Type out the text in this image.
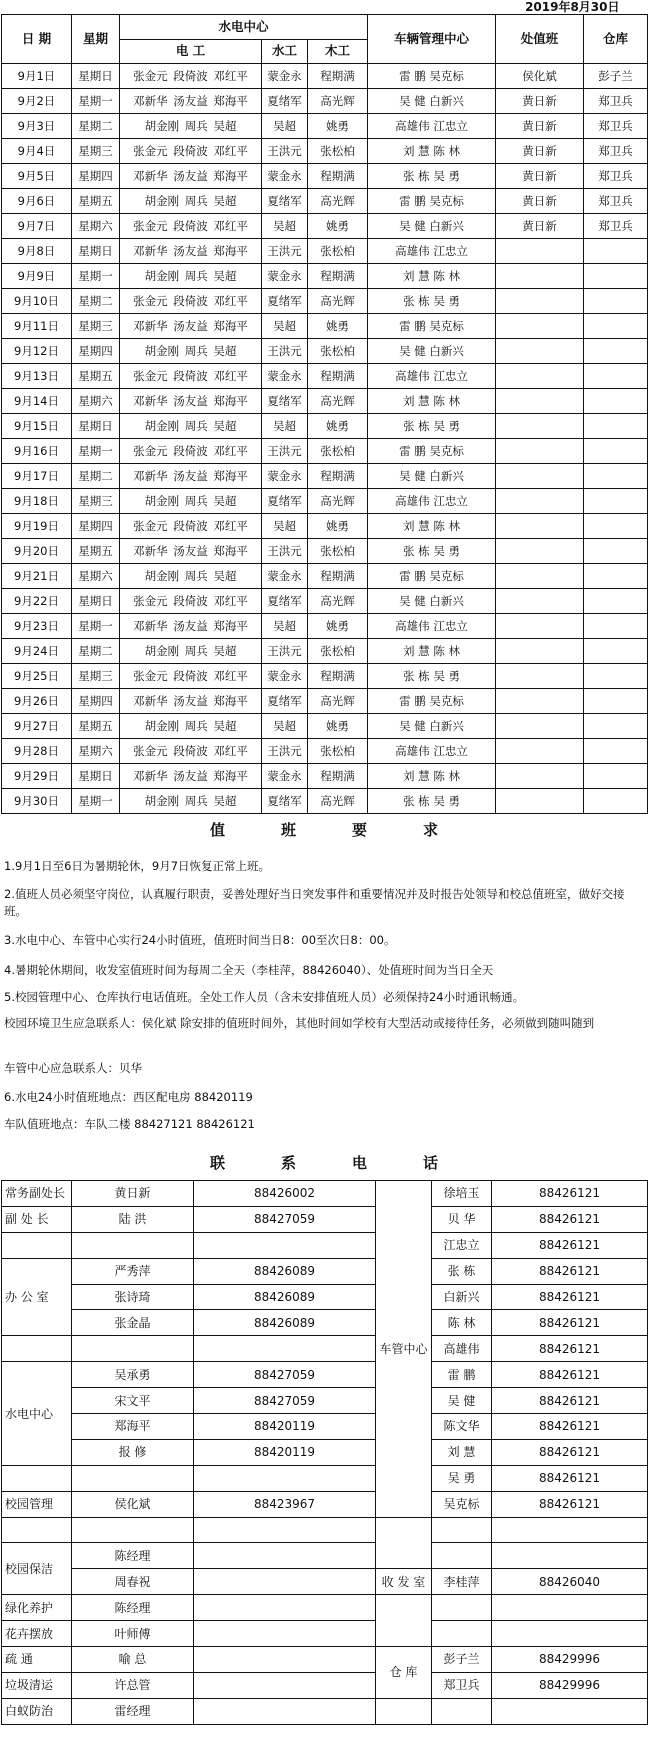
						2019年8月30日	
日 期	星期	水电中心			车辆管理中心	处值班	仓库
		电 工	水工	木工			
9月1日	星期日	张金元 段倚波 邓红平	蒙金永	程期满	雷 鹏 吴克标	侯化斌	彭子兰
9月2日	星期一	邓新华 汤友益 郑海平	夏绪军	高光辉	吴 健 白新兴	黄日新	郑卫兵
9月3日	星期二	胡金刚 周兵 吴超	吴超	姚勇	高雄伟 江忠立	黄日新	郑卫兵
9月4日	星期三	张金元 段倚波 邓红平	王洪元	张松柏	刘 慧 陈 林	黄日新	郑卫兵
9月5日	星期四	邓新华 汤友益 郑海平	蒙金永	程期满	张 栋 吴 勇	黄日新	郑卫兵
9月6日	星期五	胡金刚 周兵 吴超	夏绪军	高光辉	雷 鹏 吴克标	黄日新	郑卫兵
9月7日	星期六	张金元 段倚波 邓红平	吴超	姚勇	吴 健 白新兴	黄日新	郑卫兵
9月8日	星期日	邓新华 汤友益 郑海平	王洪元	张松柏	高雄伟 江忠立		
9月9日	星期一	胡金刚 周兵 吴超	蒙金永	程期满	刘 慧 陈 林		
9月10日	星期二	张金元 段倚波 邓红平	夏绪军	高光辉	张 栋 吴 勇		
9月11日	星期三	邓新华 汤友益 郑海平	吴超	姚勇	雷 鹏 吴克标		
9月12日	星期四	胡金刚 周兵 吴超	王洪元	张松柏	吴 健 白新兴		
9月13日	星期五	张金元 段倚波 邓红平	蒙金永	程期满	高雄伟 江忠立		
9月14日	星期六	邓新华 汤友益 郑海平	夏绪军	高光辉	刘 慧 陈 林		
9月15日	星期日	胡金刚 周兵 吴超	吴超	姚勇	张 栋 吴 勇		
9月16日	星期一	张金元 段倚波 邓红平	王洪元	张松柏	雷 鹏 吴克标		
9月17日	星期二	邓新华 汤友益 郑海平	蒙金永	程期满	吴 健 白新兴		
9月18日	星期三	胡金刚 周兵 吴超	夏绪军	高光辉	高雄伟 江忠立		
9月19日	星期四	张金元 段倚波 邓红平	吴超	姚勇	刘 慧 陈 林		
9月20日	星期五	邓新华 汤友益 郑海平	王洪元	张松柏	张 栋 吴 勇		
9月21日	星期六	胡金刚 周兵 吴超	蒙金永	程期满	雷 鹏 吴克标		
9月22日	星期日	张金元 段倚波 邓红平	夏绪军	高光辉	吴 健 白新兴		
9月23日	星期一	邓新华 汤友益 郑海平	吴超	姚勇	高雄伟 江忠立		
9月24日	星期二	胡金刚 周兵 吴超	王洪元	张松柏	刘 慧 陈 林		
9月25日	星期三	张金元 段倚波 邓红平	蒙金永	程期满	张 栋 吴 勇		
9月26日	星期四	邓新华 汤友益 郑海平	夏绪军	高光辉	雷 鹏 吴克标		
9月27日	星期五	胡金刚 周兵 吴超	吴超	姚勇	吴 健 白新兴		
9月28日	星期六	张金元 段倚波 邓红平	王洪元	张松柏	高雄伟 江忠立		
9月29日	星期日	邓新华 汤友益 郑海平	蒙金永	程期满	刘 慧 陈 林		
9月30日	星期一	胡金刚 周兵 吴超	夏绪军	高光辉	张 栋 吴 勇		
值班要求
1.9月1日至6日为暑期轮休，9月7日恢复正常上班。
2.值班人员必须坚守岗位，认真履行职责，妥善处理好当日突发事件和重要情况并及时报告处领导和校总值班室，做好交接班。
3.水电中心、车管中心实行24小时值班，值班时间当日8：00至次日8：00。
4.暑期轮休期间，收发室值班时间为每周二全天（李桂萍，88426040）、处值班时间为当日全天
5.校园管理中心、仓库执行电话值班。全处工作人员（含未安排值班人员）必须保持24小时通讯畅通。
校园环境卫生应急联系人：侯化斌 除安排的值班时间外，其他时间如学校有大型活动或接待任务，必须做到随叫随到
车管中心应急联系人：贝华
6.水电24小时值班地点：西区配电房 88420119
车队值班地点：车队二楼 88427121 88426121
联系电话
常务副处长	黄日新	88426002	车管中心	徐培玉	88426121
副 处 长	陆 洪	88427059		贝 华	88426121
				江忠立	88426121
办 公 室	严秀萍	88426089		张 栋	88426121
	张诗琦	88426089		白新兴	88426121
	张金晶	88426089		陈 林	88426121
				高雄伟	88426121
水电中心	吴承勇	88427059		雷 鹏	88426121
	宋文平	88427059		吴 健	88426121
	郑海平	88420119		陈文华	88426121
	报 修	88420119		刘 慧	88426121
				吴 勇	88426121
校园管理	侯化斌	88423967		吴克标	88426121

校园保洁	陈经理				
	周春祝		收 发 室	李桂萍	88426040
绿化养护	陈经理				
花卉摆放	叶师傅				
疏 通	喻 总		仓 库	彭子兰	88429996
垃圾清运	许总管			郑卫兵	88429996
白蚁防治	雷经理				
